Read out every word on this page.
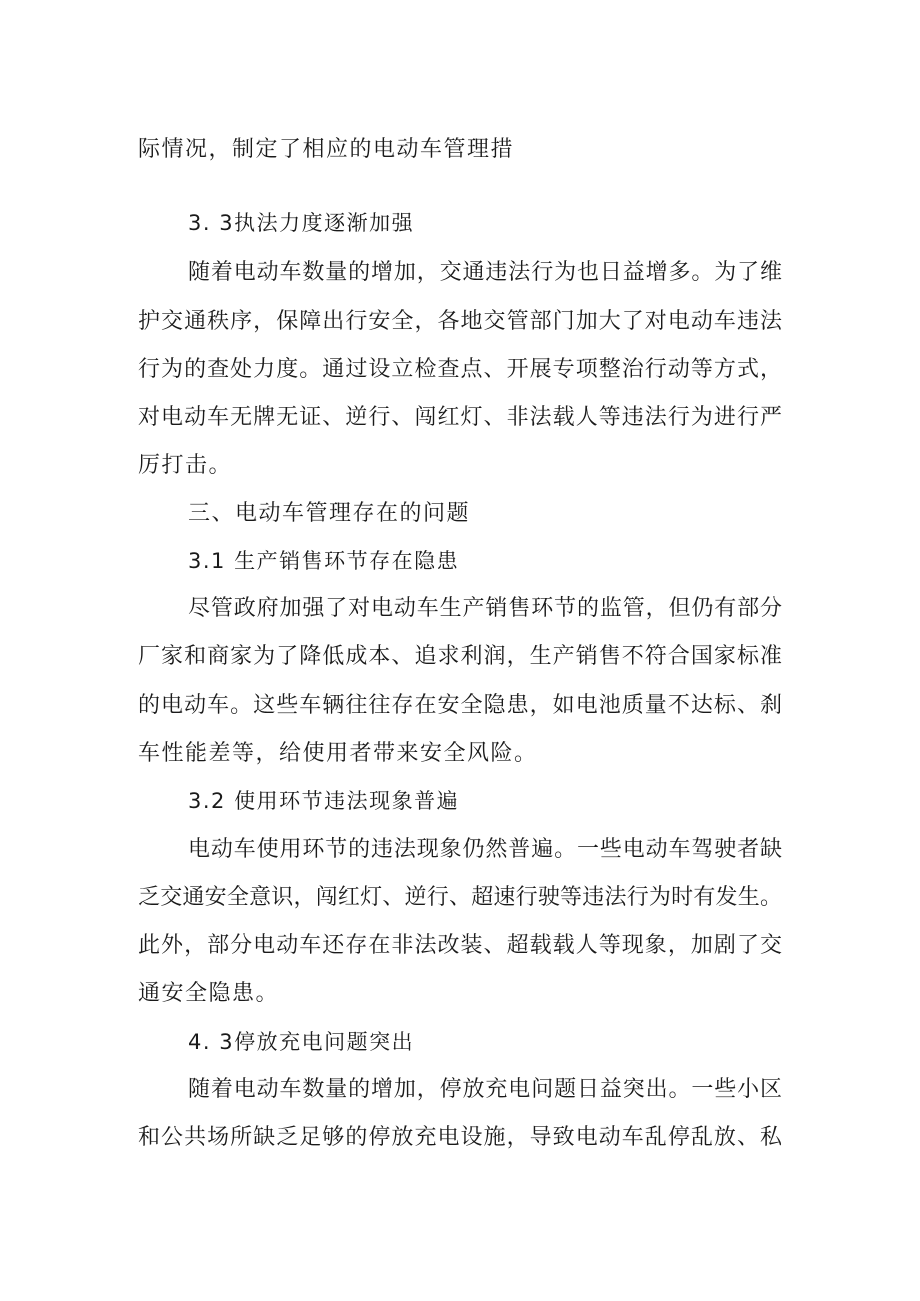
际情况，制定了相应的电动车管理措
3. 3执法力度逐渐加强
随着电动车数量的增加，交通违法行为也日益增多。为了维
护交通秩序，保障出行安全，各地交管部门加大了对电动车违法
行为的查处力度。通过设立检查点、开展专项整治行动等方式，
对电动车无牌无证、逆行、闯红灯、非法载人等违法行为进行严
厉打击。
三、电动车管理存在的问题
3.1 生产销售环节存在隐患
尽管政府加强了对电动车生产销售环节的监管，但仍有部分
厂家和商家为了降低成本、追求利润，生产销售不符合国家标准
的电动车。这些车辆往往存在安全隐患，如电池质量不达标、刹
车性能差等，给使用者带来安全风险。
3.2 使用环节违法现象普遍
电动车使用环节的违法现象仍然普遍。一些电动车驾驶者缺
乏交通安全意识，闯红灯、逆行、超速行驶等违法行为时有发生。
此外，部分电动车还存在非法改装、超载载人等现象，加剧了交
通安全隐患。
4. 3停放充电问题突出
随着电动车数量的增加，停放充电问题日益突出。一些小区
和公共场所缺乏足够的停放充电设施，导致电动车乱停乱放、私
